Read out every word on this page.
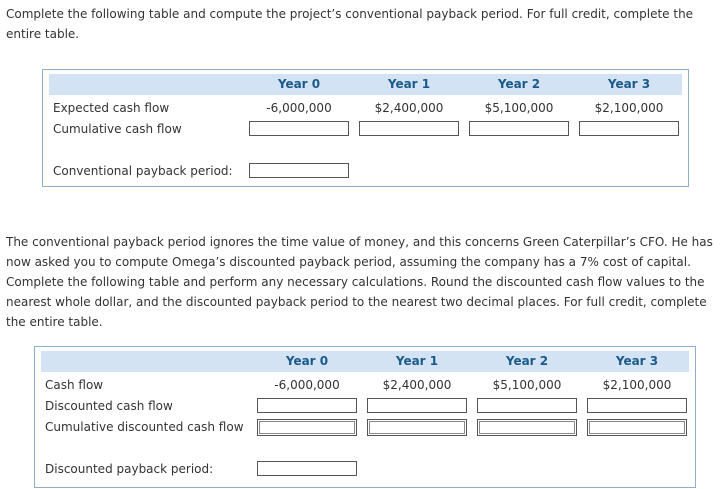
Complete the following table and compute the project’s conventional payback period. For full credit, complete the entire table.

Year 0	Year 1	Year 2	Year 3
Expected cash flow	-6,000,000	$2,400,000	$5,100,000	$2,100,000
Cumulative cash flow
Conventional payback period:

The conventional payback period ignores the time value of money, and this concerns Green Caterpillar’s CFO. He has now asked you to compute Omega’s discounted payback period, assuming the company has a 7% cost of capital. Complete the following table and perform any necessary calculations. Round the discounted cash flow values to the nearest whole dollar, and the discounted payback period to the nearest two decimal places. For full credit, complete the entire table.

Year 0	Year 1	Year 2	Year 3
Cash flow	-6,000,000	$2,400,000	$5,100,000	$2,100,000
Discounted cash flow
Cumulative discounted cash flow
Discounted payback period:
